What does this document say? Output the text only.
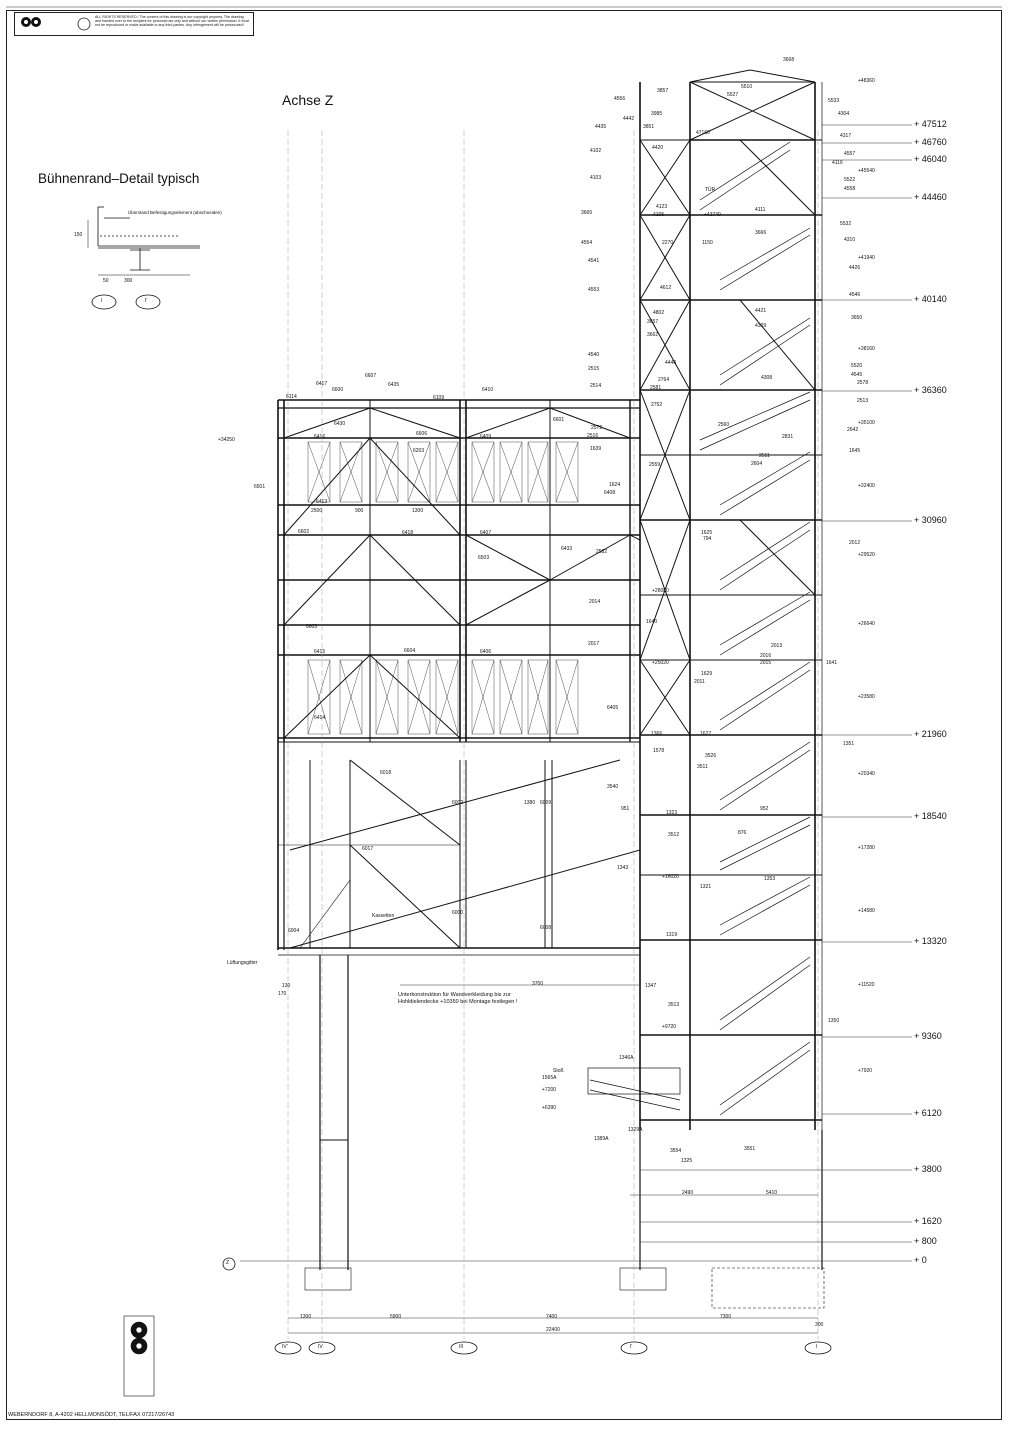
ALL RIGHTS RESERVED / The content of this drawing is our copyright property. The drawing and handed over to the recipient for personal use only and without our written permission. It must not be reproduced or made available to any third parties. Any infringement will be prosecuted!
Achse Z
Bühnenrand–Detail typisch
+ 47512
+ 46760
+ 46040
+ 44460
+ 40140
+ 36360
+ 30960
+ 21960
+ 18540
+ 13320
+ 9360
+ 6120
+ 3800
+ 1620
+ 800
+ 0
+34250
+48360
+45540
+43740
+41940
+38160
+35100
+32400
+29520
+28080
+26640
+25020
+23580
+20340
+17280
+16020
+14580
+11520
+9720
+7920
+7200
+6390
3668
4556
3857
5510
5527
5533
4304
4442
3985
4435	3851
47160	4317
4102	4420
4557
4116
4103	5522
4558
3665
4123
4105
4111
5532
4554	2270	1150
3666
4310
4541
4426
4553	4612
4546
4802	4421
3650
3657
4309
3662
4540
2515
4440	5520
4545
2578
2514
2764
2581
4308
2513
6114
6417
6600
6607
6435
6109
6410
2752
2642
6416
6430
6606	6409
6601
2572
2516
2560
2831
6203	1639
2511
1645
2559	2604
6501	1624
6408
6413
2500	900	1300
6602	6418	6407	1625
794
2012
6503
6433	2582
2014
6603
2013
6415	6604	6406
2017
2016
2015	1641
1640
1629
2011
6414
6405
1627
1366
1351
1578
3526
3511
3540
951
1323
952
3512	876
1343
1353
1321
1319
1347
3513
1350
1346A
1565A
3554	3551
1325
1329A
1389A
2490	5410
3700
6004
6017
6018
6009
6008
6000
6002	1380
130
170
1300	5900	7400	7300
22400
300
IV'	IV	III	I'	I
Z
I	I'
Überstand Befestigungselement (abschneiden)
150
50	300
Lüftungsgitter
TÜR
Stoß
Kassetten
Unterkonstruktion für Wandverkleidung bis zur Hohldielendecke +10350 bei Montage festlegen !
WEBERNDORF 8, A-4202 HELLMONSÖDT, TEL/FAX 07217/26743
